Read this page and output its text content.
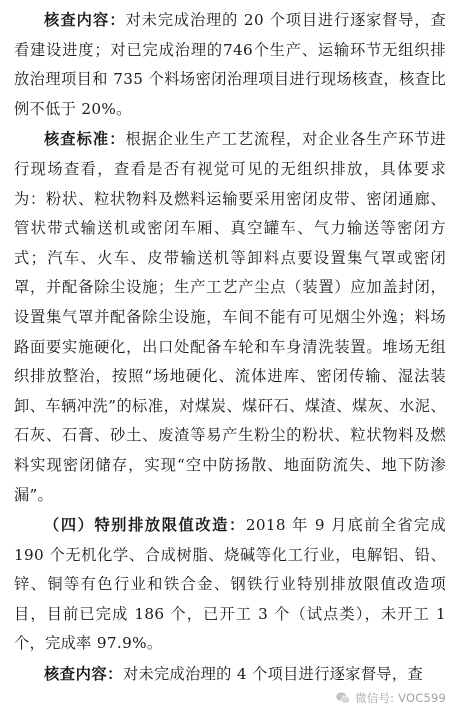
核查内容：对未完成治理的 20 个项目进行逐家督导，查看建设进度；对已完成治理的746个生产、运输环节无组织排放治理项目和 735 个料场密闭治理项目进行现场核查，核查比例不低于 20%。

核查标准：根据企业生产工艺流程，对企业各生产环节进行现场查看，查看是否有视觉可见的无组织排放，具体要求为：粉状、粒状物料及燃料运输要采用密闭皮带、密闭通廊、管状带式输送机或密闭车厢、真空罐车、气力输送等密闭方式；汽车、火车、皮带输送机等卸料点要设置集气罩或密闭罩，并配备除尘设施；生产工艺产尘点（装置）应加盖封闭，设置集气罩并配备除尘设施，车间不能有可见烟尘外逸；料场路面要实施硬化，出口处配备车轮和车身清洗装置。堆场无组织排放整治，按照“场地硬化、流体进库、密闭传输、湿法装卸、车辆冲洗”的标准，对煤炭、煤矸石、煤渣、煤灰、水泥、石灰、石膏、砂土、废渣等易产生粉尘的粉状、粒状物料及燃料实现密闭储存，实现“空中防扬散、地面防流失、地下防渗漏”。

（四）特别排放限值改造：2018 年 9 月底前全省完成 190 个无机化学、合成树脂、烧碱等化工行业，电解铝、铅、锌、铜等有色行业和铁合金、钢铁行业特别排放限值改造项目，目前已完成 186 个，已开工 3 个（试点类），未开工 1 个，完成率 97.9%。

核查内容：对未完成治理的 4 个项目进行逐家督导，查

微信号: VOC599
